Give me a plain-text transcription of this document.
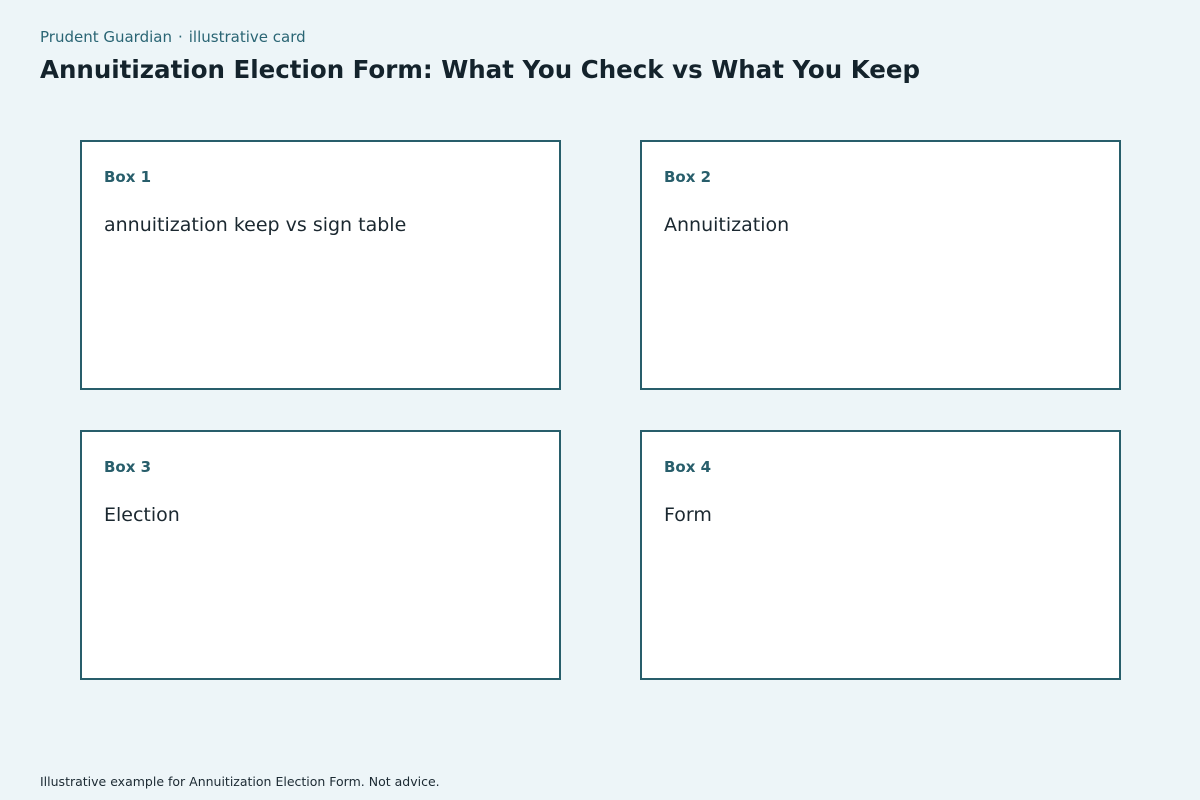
Prudent Guardian · illustrative card
Annuitization Election Form: What You Check vs What You Keep
Box 1
annuitization keep vs sign table
Box 2
Annuitization
Box 3
Election
Box 4
Form
Illustrative example for Annuitization Election Form. Not advice.
